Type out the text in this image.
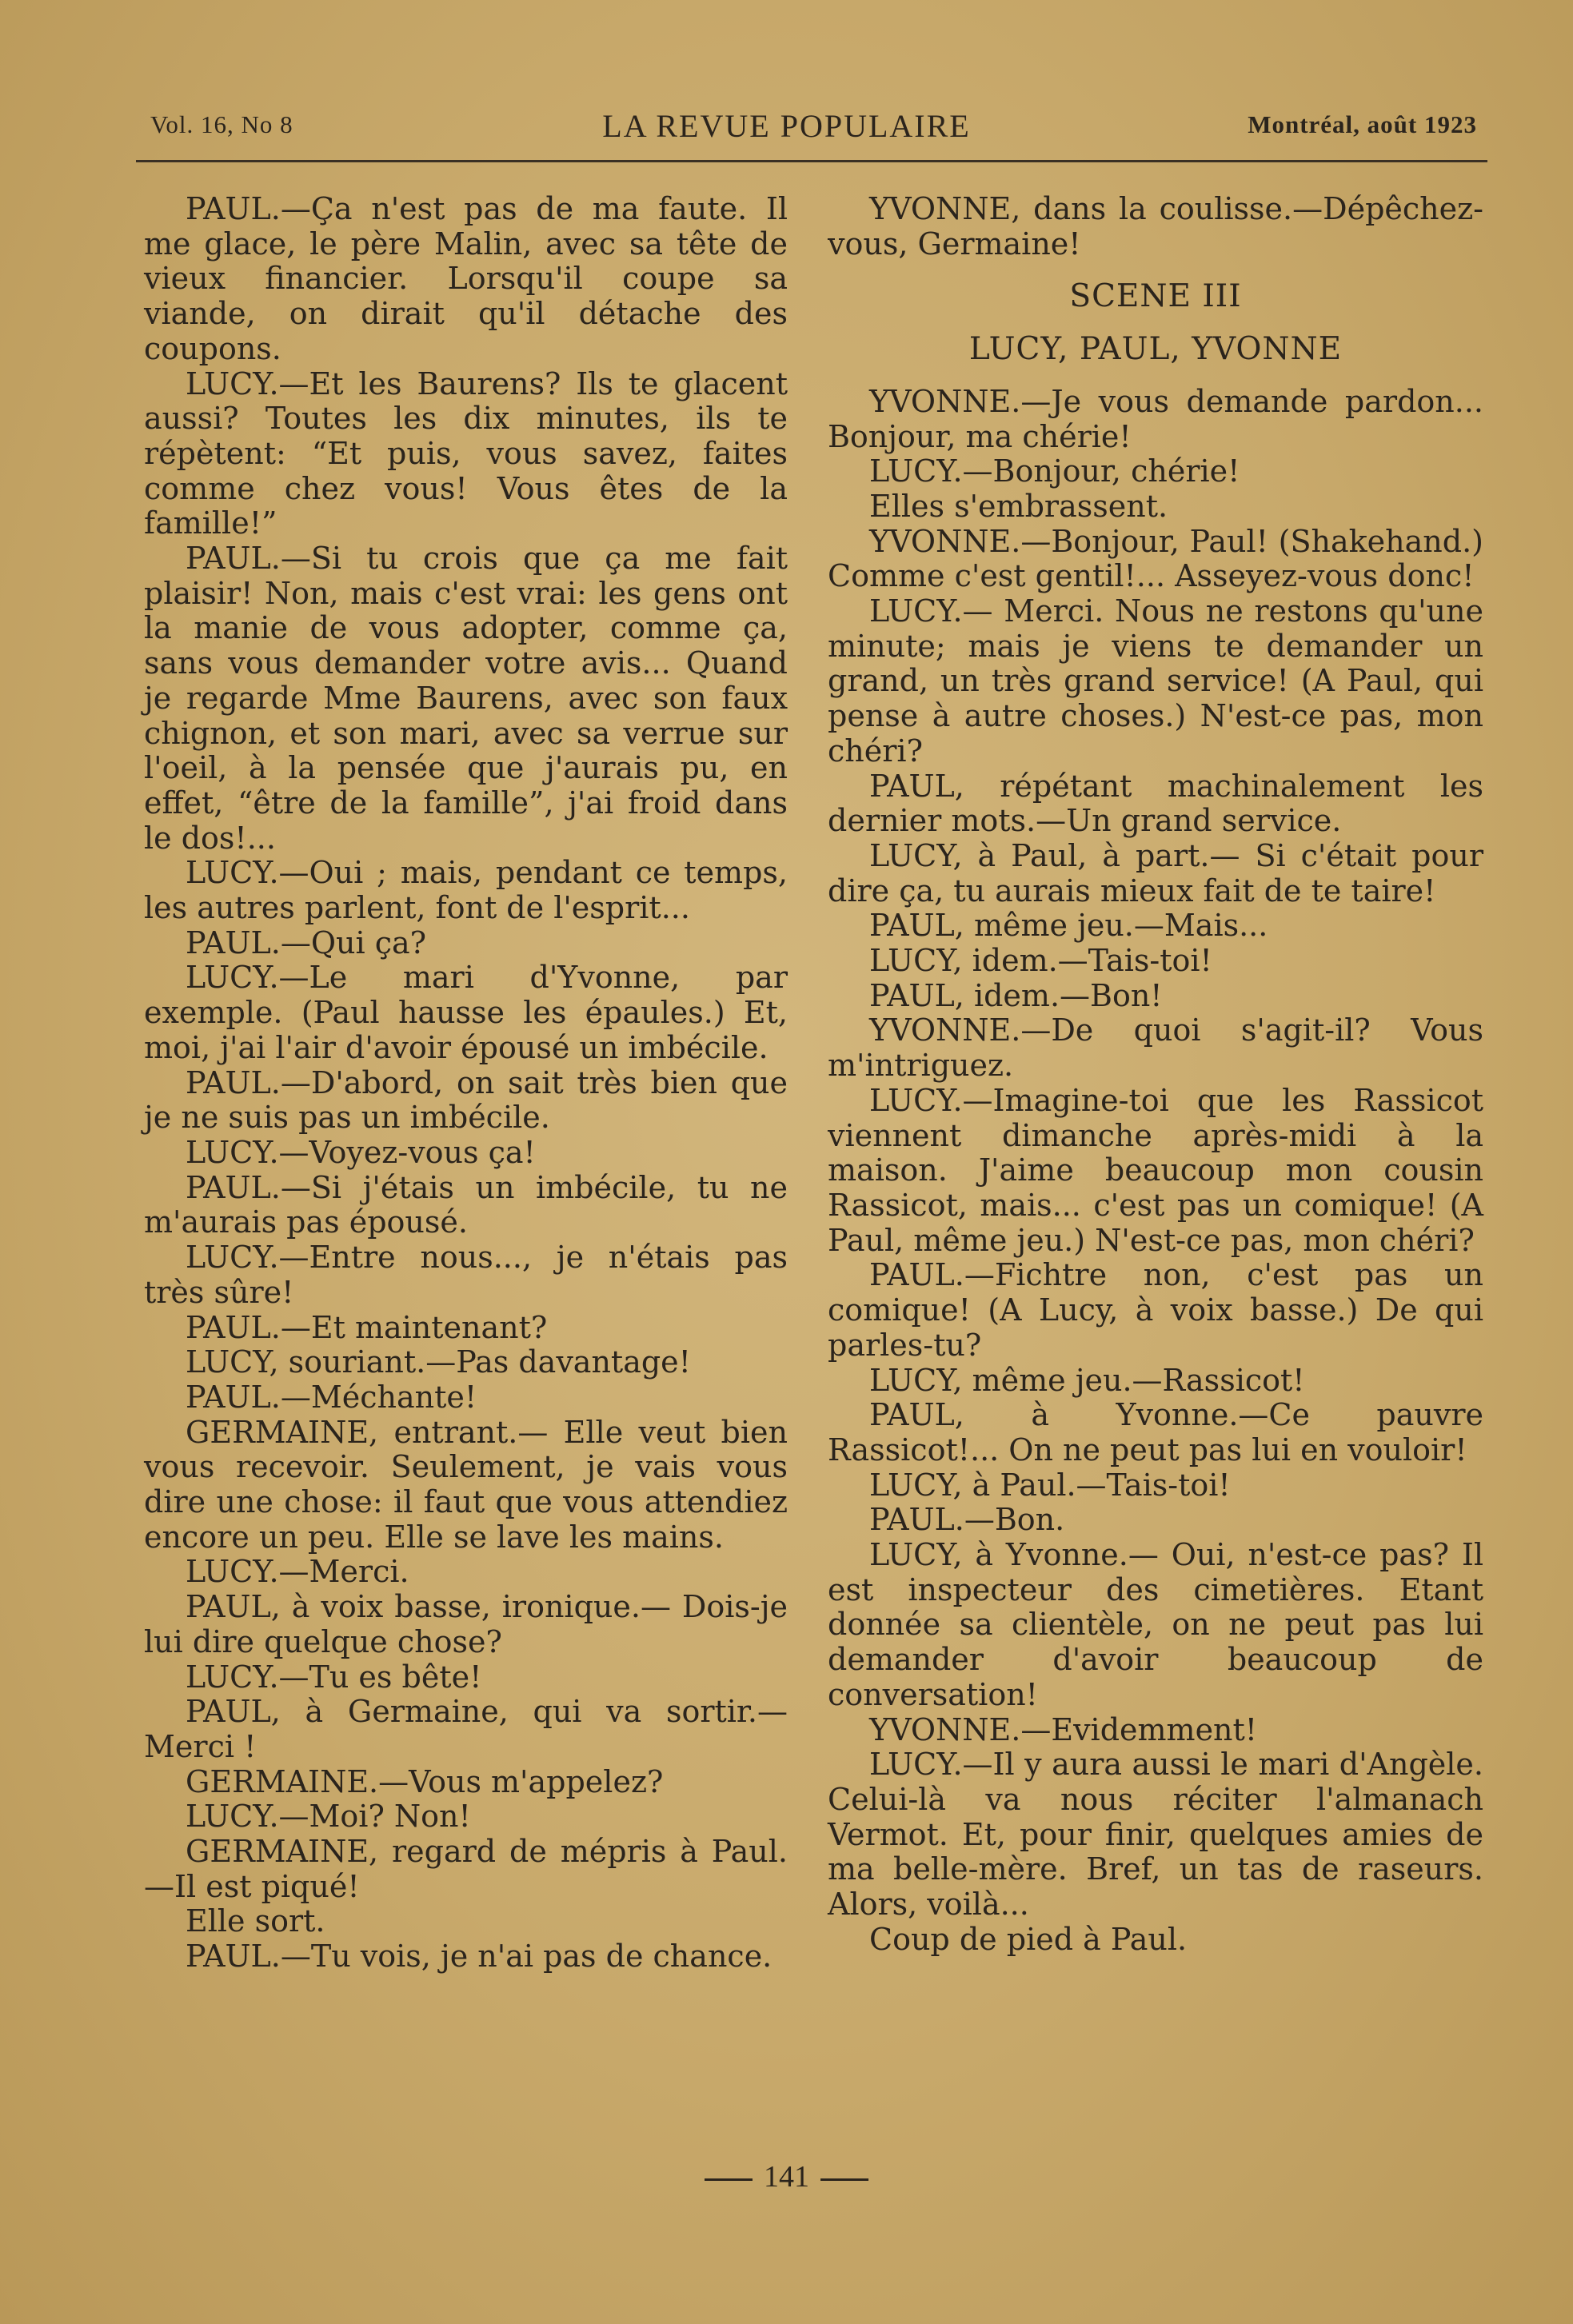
Vol. 16, No 8	LA REVUE POPULAIRE	Montréal, août 1923

PAUL.—Ça n'est pas de ma faute. Il me glace, le père Malin, avec sa tête de vieux financier. Lorsqu'il coupe sa viande, on dirait qu'il détache des coupons.

LUCY.—Et les Baurens? Ils te glacent aussi? Toutes les dix minutes, ils te répètent: “Et puis, vous savez, faites comme chez vous! Vous êtes de la famille!”

PAUL.—Si tu crois que ça me fait plaisir! Non, mais c'est vrai: les gens ont la manie de vous adopter, comme ça, sans vous demander votre avis... Quand je regarde Mme Baurens, avec son faux chignon, et son mari, avec sa verrue sur l'oeil, à la pensée que j'aurais pu, en effet, “être de la famille”, j'ai froid dans le dos!...

LUCY.—Oui ; mais, pendant ce temps, les autres parlent, font de l'esprit...

PAUL.—Qui ça?

LUCY.—Le mari d'Yvonne, par exemple. (Paul hausse les épaules.) Et, moi, j'ai l'air d'avoir épousé un imbécile.

PAUL.—D'abord, on sait très bien que je ne suis pas un imbécile.

LUCY.—Voyez-vous ça!

PAUL.—Si j'étais un imbécile, tu ne m'aurais pas épousé.

LUCY.—Entre nous..., je n'étais pas très sûre!

PAUL.—Et maintenant?

LUCY, souriant.—Pas davantage!

PAUL.—Méchante!

GERMAINE, entrant.— Elle veut bien vous recevoir. Seulement, je vais vous dire une chose: il faut que vous attendiez encore un peu. Elle se lave les mains.

LUCY.—Merci.

PAUL, à voix basse, ironique.— Dois-je lui dire quelque chose?

LUCY.—Tu es bête!

PAUL, à Germaine, qui va sortir.— Merci !

GERMAINE.—Vous m'appelez?

LUCY.—Moi? Non!

GERMAINE, regard de mépris à Paul.—Il est piqué!

Elle sort.

PAUL.—Tu vois, je n'ai pas de chance.

YVONNE, dans la coulisse.—Dépêchez-vous, Germaine!

SCENE III

LUCY, PAUL, YVONNE

YVONNE.—Je vous demande pardon... Bonjour, ma chérie!

LUCY.—Bonjour, chérie!

Elles s'embrassent.

YVONNE.—Bonjour, Paul! (Shakehand.) Comme c'est gentil!... Asseyez-vous donc!

LUCY.— Merci. Nous ne restons qu'une minute; mais je viens te demander un grand, un très grand service! (A Paul, qui pense à autre choses.) N'est-ce pas, mon chéri?

PAUL, répétant machinalement les dernier mots.—Un grand service.

LUCY, à Paul, à part.— Si c'était pour dire ça, tu aurais mieux fait de te taire!

PAUL, même jeu.—Mais...

LUCY, idem.—Tais-toi!

PAUL, idem.—Bon!

YVONNE.—De quoi s'agit-il? Vous m'intriguez.

LUCY.—Imagine-toi que les Rassicot viennent dimanche après-midi à la maison. J'aime beaucoup mon cousin Rassicot, mais... c'est pas un comique! (A Paul, même jeu.) N'est-ce pas, mon chéri?

PAUL.—Fichtre non, c'est pas un comique! (A Lucy, à voix basse.) De qui parles-tu?

LUCY, même jeu.—Rassicot!

PAUL, à Yvonne.—Ce pauvre Rassicot!... On ne peut pas lui en vouloir!

LUCY, à Paul.—Tais-toi!

PAUL.—Bon.

LUCY, à Yvonne.— Oui, n'est-ce pas? Il est inspecteur des cimetières. Etant donnée sa clientèle, on ne peut pas lui demander d'avoir beaucoup de conversation!

YVONNE.—Evidemment!

LUCY.—Il y aura aussi le mari d'Angèle. Celui-là va nous réciter l'almanach Vermot. Et, pour finir, quelques amies de ma belle-mère. Bref, un tas de raseurs. Alors, voilà...

Coup de pied à Paul.

141
